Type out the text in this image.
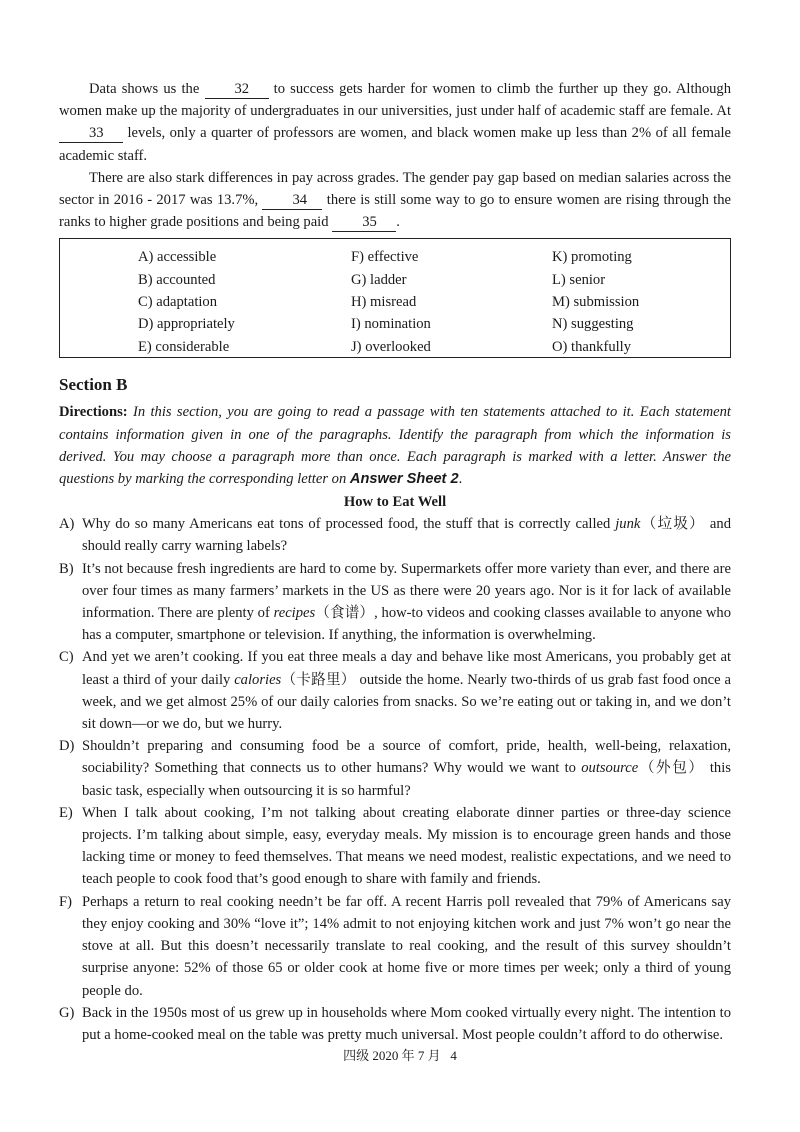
Data shows us the 32 to success gets harder for women to climb the further up they go. Although women make up the majority of undergraduates in our universities, just under half of academic staff are female. At 33 levels, only a quarter of professors are women, and black women make up less than 2% of all female academic staff.

There are also stark differences in pay across grades. The gender pay gap based on median salaries across the sector in 2016 - 2017 was 13.7%, 34 there is still some way to go to ensure women are rising through the ranks to higher grade positions and being paid 35 .

A) accessible
B) accounted
C) adaptation
D) appropriately
E) considerable
F) effective
G) ladder
H) misread
I) nomination
J) overlooked
K) promoting
L) senior
M) submission
N) suggesting
O) thankfully
Section B

Directions: In this section, you are going to read a passage with ten statements attached to it. Each statement contains information given in one of the paragraphs. Identify the paragraph from which the information is derived. You may choose a paragraph more than once. Each paragraph is marked with a letter. Answer the questions by marking the corresponding letter on Answer Sheet 2.

How to Eat Well
A) Why do so many Americans eat tons of processed food, the stuff that is correctly called junk（垃圾） and should really carry warning labels?
B) It’s not because fresh ingredients are hard to come by. Supermarkets offer more variety than ever, and there are over four times as many farmers’ markets in the US as there were 20 years ago. Nor is it for lack of available information. There are plenty of recipes（食谱）, how-to videos and cooking classes available to anyone who has a computer, smartphone or television. If anything, the information is overwhelming.
C) And yet we aren’t cooking. If you eat three meals a day and behave like most Americans, you probably get at least a third of your daily calories（卡路里） outside the home. Nearly two-thirds of us grab fast food once a week, and we get almost 25% of our daily calories from snacks. So we’re eating out or taking in, and we don’t sit down—or we do, but we hurry.
D) Shouldn’t preparing and consuming food be a source of comfort, pride, health, well-being, relaxation, sociability? Something that connects us to other humans? Why would we want to outsource（外包） this basic task, especially when outsourcing it is so harmful?
E) When I talk about cooking, I’m not talking about creating elaborate dinner parties or three-day science projects. I’m talking about simple, easy, everyday meals. My mission is to encourage green hands and those lacking time or money to feed themselves. That means we need modest, realistic expectations, and we need to teach people to cook food that’s good enough to share with family and friends.
F) Perhaps a return to real cooking needn’t be far off. A recent Harris poll revealed that 79% of Americans say they enjoy cooking and 30% “love it”; 14% admit to not enjoying kitchen work and just 7% won’t go near the stove at all. But this doesn’t necessarily translate to real cooking, and the result of this survey shouldn’t surprise anyone: 52% of those 65 or older cook at home five or more times per week; only a third of young people do.
G) Back in the 1950s most of us grew up in households where Mom cooked virtually every night. The intention to put a home-cooked meal on the table was pretty much universal. Most people couldn’t afford to do otherwise.
四级 2020 年 7 月 4
